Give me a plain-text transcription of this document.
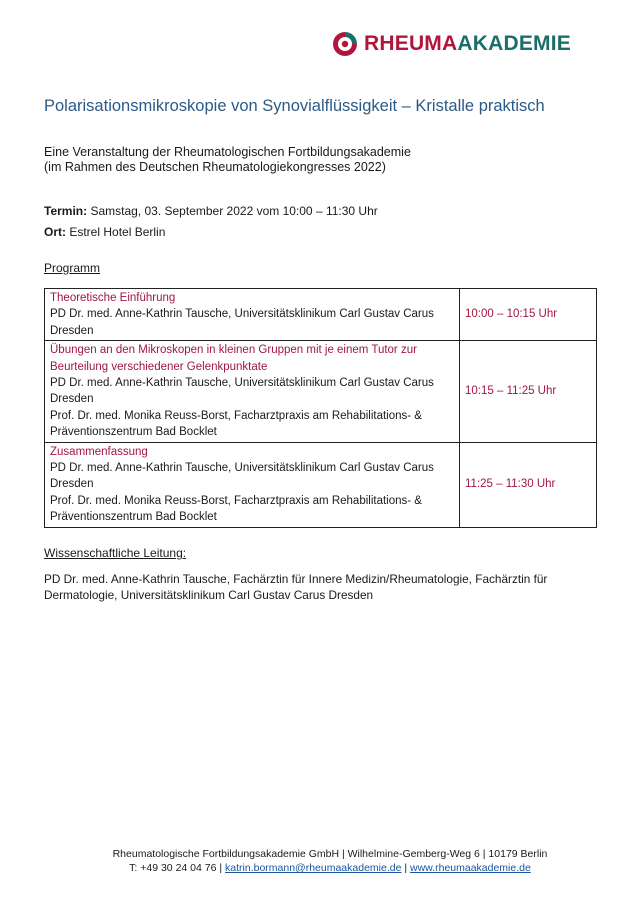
RHEUMAAKADEMIE
Polarisationsmikroskopie von Synovialflüssigkeit – Kristalle praktisch
Eine Veranstaltung der Rheumatologischen Fortbildungsakademie
(im Rahmen des Deutschen Rheumatologiekongresses 2022)
Termin: Samstag, 03. September 2022 vom 10:00 – 11:30 Uhr
Ort: Estrel Hotel Berlin
Programm
Theoretische Einführung
PD Dr. med. Anne-Kathrin Tausche, Universitätsklinikum Carl Gustav Carus Dresden	10:00 – 10:15 Uhr

Übungen an den Mikroskopen in kleinen Gruppen mit je einem Tutor zur Beurteilung verschiedener Gelenkpunktate
PD Dr. med. Anne-Kathrin Tausche, Universitätsklinikum Carl Gustav Carus Dresden
Prof. Dr. med. Monika Reuss-Borst, Facharztpraxis am Rehabilitations- & Präventionszentrum Bad Bocklet	10:15 – 11:25 Uhr

Zusammenfassung
PD Dr. med. Anne-Kathrin Tausche, Universitätsklinikum Carl Gustav Carus Dresden
Prof. Dr. med. Monika Reuss-Borst, Facharztpraxis am Rehabilitations- & Präventionszentrum Bad Bocklet	11:25 – 11:30 Uhr
Wissenschaftliche Leitung:
PD Dr. med. Anne-Kathrin Tausche, Fachärztin für Innere Medizin/Rheumatologie, Fachärztin für Dermatologie, Universitätsklinikum Carl Gustav Carus Dresden
Rheumatologische Fortbildungsakademie GmbH | Wilhelmine-Gemberg-Weg 6 | 10179 Berlin
T: +49 30 24 04 76 | katrin.bormann@rheumaakademie.de | www.rheumaakademie.de
